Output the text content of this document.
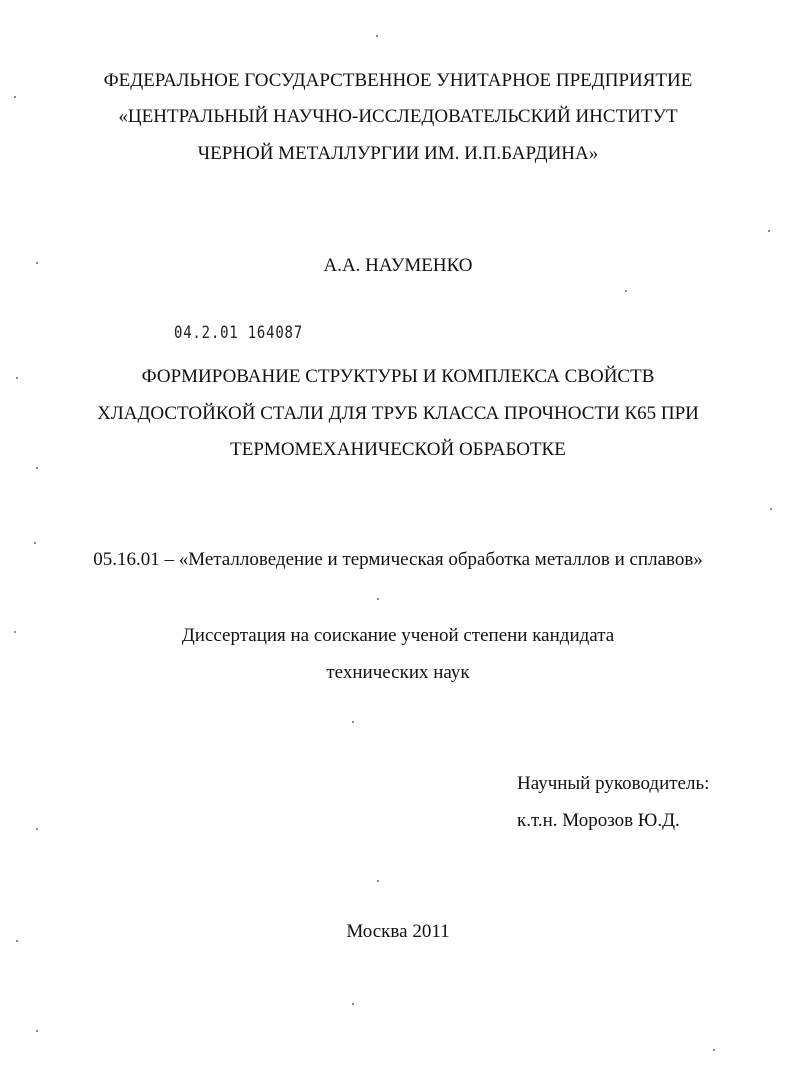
ФЕДЕРАЛЬНОЕ ГОСУДАРСТВЕННОЕ УНИТАРНОЕ ПРЕДПРИЯТИЕ
«ЦЕНТРАЛЬНЫЙ НАУЧНО-ИССЛЕДОВАТЕЛЬСКИЙ ИНСТИТУТ
ЧЕРНОЙ МЕТАЛЛУРГИИ ИМ. И.П.БАРДИНА»
А.А. НАУМЕНКО
04.2.01 164087
ФОРМИРОВАНИЕ СТРУКТУРЫ И КОМПЛЕКСА СВОЙСТВ
ХЛАДОСТОЙКОЙ СТАЛИ ДЛЯ ТРУБ КЛАССА ПРОЧНОСТИ К65 ПРИ
ТЕРМОМЕХАНИЧЕСКОЙ ОБРАБОТКЕ
05.16.01 – «Металловедение и термическая обработка металлов и сплавов»
Диссертация на соискание ученой степени кандидата
технических наук
Научный руководитель:
к.т.н. Морозов Ю.Д.
Москва 2011
